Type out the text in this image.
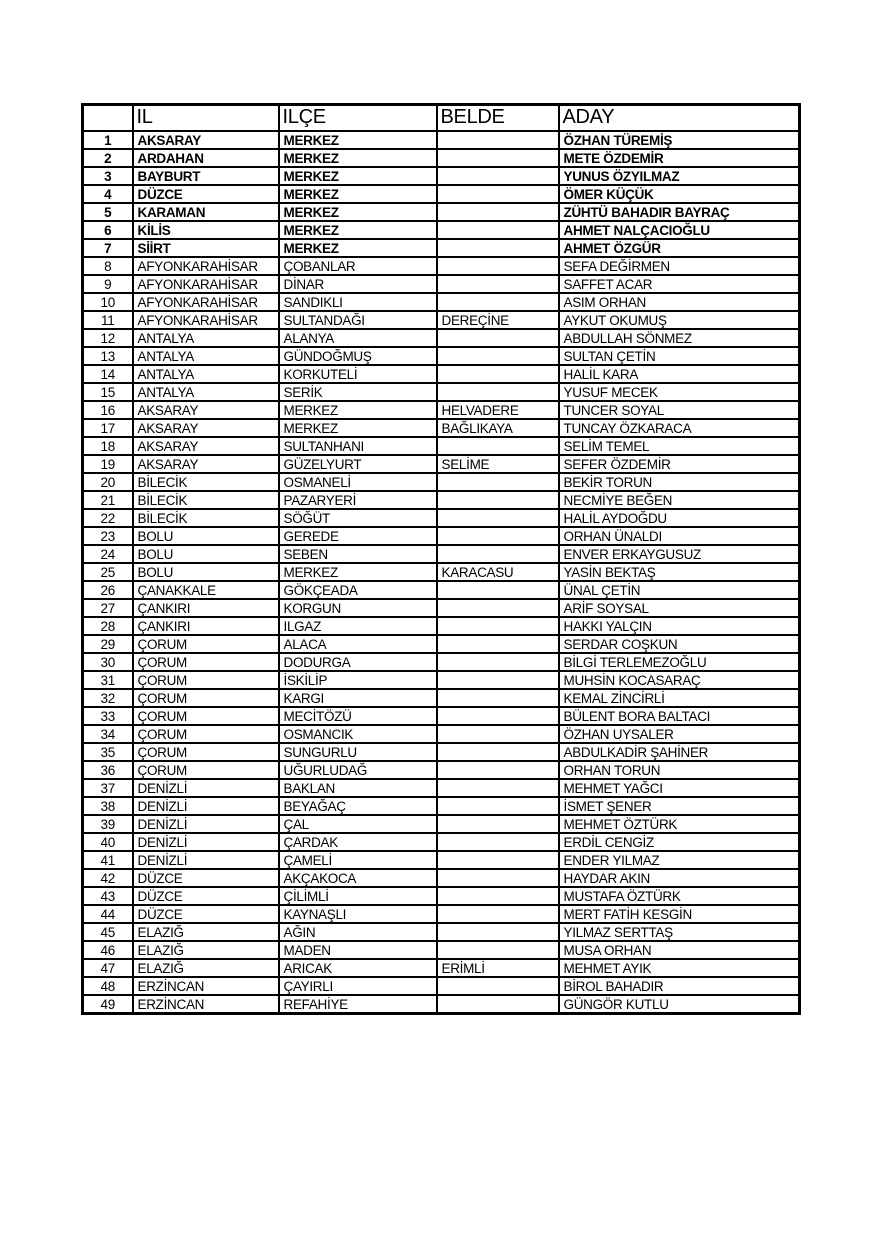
	IL	ILÇE	BELDE	ADAY
1	AKSARAY	MERKEZ		ÖZHAN TÜREMİŞ
2	ARDAHAN	MERKEZ		METE ÖZDEMİR
3	BAYBURT	MERKEZ		YUNUS ÖZYILMAZ
4	DÜZCE	MERKEZ		ÖMER KÜÇÜK
5	KARAMAN	MERKEZ		ZÜHTÜ BAHADIR BAYRAÇ
6	KİLİS	MERKEZ		AHMET NALÇACIOĞLU
7	SİİRT	MERKEZ		AHMET ÖZGÜR
8	AFYONKARAHİSAR	ÇOBANLAR		SEFA DEĞİRMEN
9	AFYONKARAHİSAR	DİNAR		SAFFET ACAR
10	AFYONKARAHİSAR	SANDIKLI		ASIM ORHAN
11	AFYONKARAHİSAR	SULTANDAĞI	DEREÇİNE	AYKUT OKUMUŞ
12	ANTALYA	ALANYA		ABDULLAH SÖNMEZ
13	ANTALYA	GÜNDOĞMUŞ		SULTAN ÇETİN
14	ANTALYA	KORKUTELİ		HALİL KARA
15	ANTALYA	SERİK		YUSUF MECEK
16	AKSARAY	MERKEZ	HELVADERE	TUNCER SOYAL
17	AKSARAY	MERKEZ	BAĞLIKAYA	TUNCAY ÖZKARACA
18	AKSARAY	SULTANHANI		SELİM TEMEL
19	AKSARAY	GÜZELYURT	SELİME	SEFER ÖZDEMİR
20	BİLECİK	OSMANELİ		BEKİR TORUN
21	BİLECİK	PAZARYERİ		NECMİYE BEĞEN
22	BİLECİK	SÖĞÜT		HALİL AYDOĞDU
23	BOLU	GEREDE		ORHAN ÜNALDI
24	BOLU	SEBEN		ENVER ERKAYGUSUZ
25	BOLU	MERKEZ	KARACASU	YASİN BEKTAŞ
26	ÇANAKKALE	GÖKÇEADA		ÜNAL ÇETİN
27	ÇANKIRI	KORGUN		ARİF SOYSAL
28	ÇANKIRI	ILGAZ		HAKKI YALÇIN
29	ÇORUM	ALACA		SERDAR COŞKUN
30	ÇORUM	DODURGA		BİLGİ TERLEMEZOĞLU
31	ÇORUM	İSKİLİP		MUHSİN KOCASARAÇ
32	ÇORUM	KARGI		KEMAL ZİNCİRLİ
33	ÇORUM	MECİTÖZÜ		BÜLENT BORA BALTACI
34	ÇORUM	OSMANCIK		ÖZHAN UYSALER
35	ÇORUM	SUNGURLU		ABDULKADİR ŞAHİNER
36	ÇORUM	UĞURLUDAĞ		ORHAN TORUN
37	DENİZLİ	BAKLAN		MEHMET YAĞCI
38	DENİZLİ	BEYAĞAÇ		İSMET ŞENER
39	DENİZLİ	ÇAL		MEHMET ÖZTÜRK
40	DENİZLİ	ÇARDAK		ERDİL CENGİZ
41	DENİZLİ	ÇAMELİ		ENDER YILMAZ
42	DÜZCE	AKÇAKOCA		HAYDAR AKIN
43	DÜZCE	ÇİLİMLİ		MUSTAFA ÖZTÜRK
44	DÜZCE	KAYNAŞLI		MERT FATİH KESGİN
45	ELAZIĞ	AĞIN		YILMAZ SERTTAŞ
46	ELAZIĞ	MADEN		MUSA ORHAN
47	ELAZIĞ	ARICAK	ERİMLİ	MEHMET AYIK
48	ERZİNCAN	ÇAYIRLI		BİROL BAHADIR
49	ERZİNCAN	REFAHİYE		GÜNGÖR KUTLU
